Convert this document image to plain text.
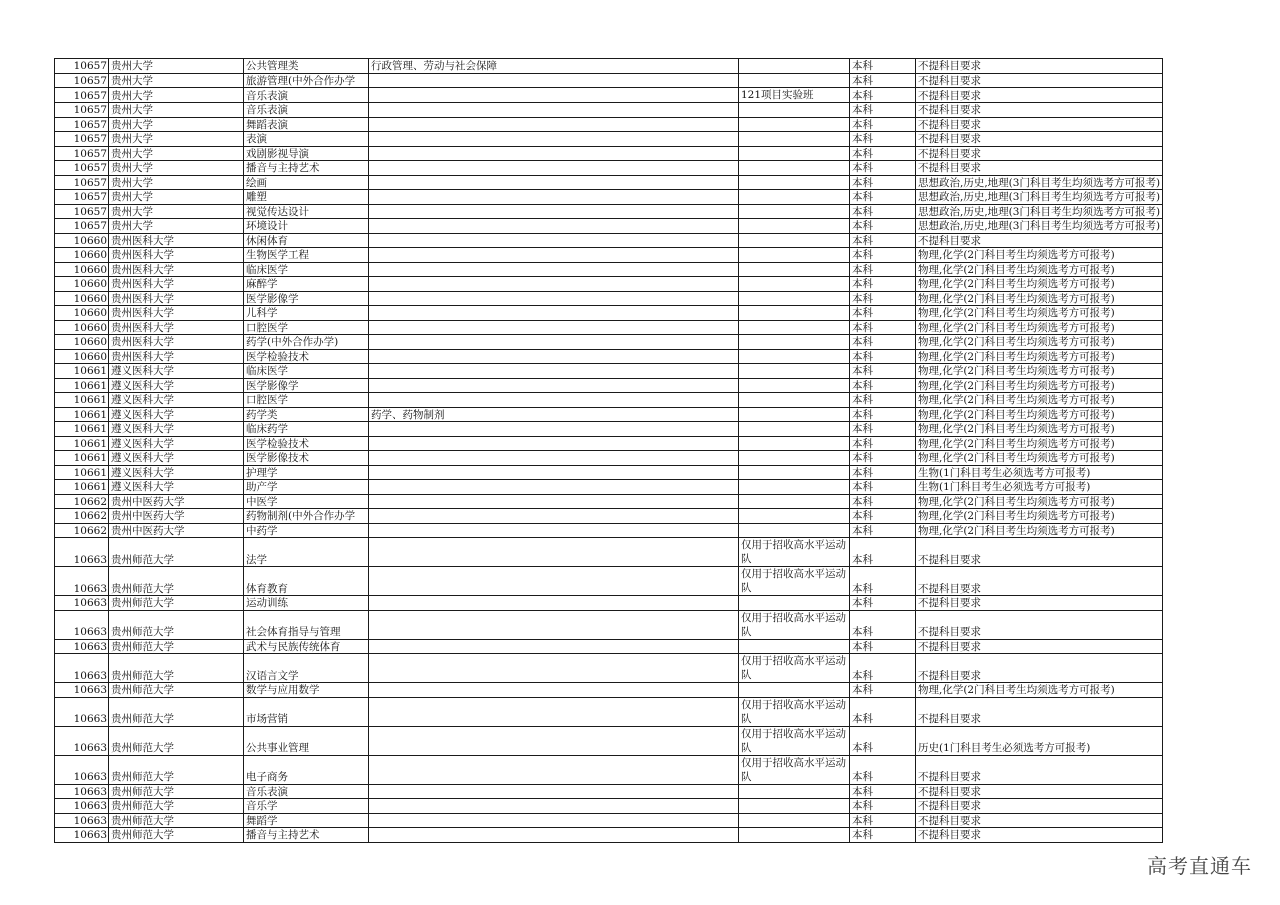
10657	贵州大学	公共管理类	行政管理、劳动与社会保障		本科	不提科目要求
10657	贵州大学	旅游管理(中外合作办学			本科	不提科目要求
10657	贵州大学	音乐表演		121项目实验班	本科	不提科目要求
10657	贵州大学	音乐表演			本科	不提科目要求
10657	贵州大学	舞蹈表演			本科	不提科目要求
10657	贵州大学	表演			本科	不提科目要求
10657	贵州大学	戏剧影视导演			本科	不提科目要求
10657	贵州大学	播音与主持艺术			本科	不提科目要求
10657	贵州大学	绘画			本科	思想政治,历史,地理(3门科目考生均须选考方可报考)
10657	贵州大学	雕塑			本科	思想政治,历史,地理(3门科目考生均须选考方可报考)
10657	贵州大学	视觉传达设计			本科	思想政治,历史,地理(3门科目考生均须选考方可报考)
10657	贵州大学	环境设计			本科	思想政治,历史,地理(3门科目考生均须选考方可报考)
10660	贵州医科大学	休闲体育			本科	不提科目要求
10660	贵州医科大学	生物医学工程			本科	物理,化学(2门科目考生均须选考方可报考)
10660	贵州医科大学	临床医学			本科	物理,化学(2门科目考生均须选考方可报考)
10660	贵州医科大学	麻醉学			本科	物理,化学(2门科目考生均须选考方可报考)
10660	贵州医科大学	医学影像学			本科	物理,化学(2门科目考生均须选考方可报考)
10660	贵州医科大学	儿科学			本科	物理,化学(2门科目考生均须选考方可报考)
10660	贵州医科大学	口腔医学			本科	物理,化学(2门科目考生均须选考方可报考)
10660	贵州医科大学	药学(中外合作办学)			本科	物理,化学(2门科目考生均须选考方可报考)
10660	贵州医科大学	医学检验技术			本科	物理,化学(2门科目考生均须选考方可报考)
10661	遵义医科大学	临床医学			本科	物理,化学(2门科目考生均须选考方可报考)
10661	遵义医科大学	医学影像学			本科	物理,化学(2门科目考生均须选考方可报考)
10661	遵义医科大学	口腔医学			本科	物理,化学(2门科目考生均须选考方可报考)
10661	遵义医科大学	药学类	药学、药物制剂		本科	物理,化学(2门科目考生均须选考方可报考)
10661	遵义医科大学	临床药学			本科	物理,化学(2门科目考生均须选考方可报考)
10661	遵义医科大学	医学检验技术			本科	物理,化学(2门科目考生均须选考方可报考)
10661	遵义医科大学	医学影像技术			本科	物理,化学(2门科目考生均须选考方可报考)
10661	遵义医科大学	护理学			本科	生物(1门科目考生必须选考方可报考)
10661	遵义医科大学	助产学			本科	生物(1门科目考生必须选考方可报考)
10662	贵州中医药大学	中医学			本科	物理,化学(2门科目考生均须选考方可报考)
10662	贵州中医药大学	药物制剂(中外合作办学			本科	物理,化学(2门科目考生均须选考方可报考)
10662	贵州中医药大学	中药学			本科	物理,化学(2门科目考生均须选考方可报考)
10663	贵州师范大学	法学		仅用于招收高水平运动队	本科	不提科目要求
10663	贵州师范大学	体育教育		仅用于招收高水平运动队	本科	不提科目要求
10663	贵州师范大学	运动训练			本科	不提科目要求
10663	贵州师范大学	社会体育指导与管理		仅用于招收高水平运动队	本科	不提科目要求
10663	贵州师范大学	武术与民族传统体育			本科	不提科目要求
10663	贵州师范大学	汉语言文学		仅用于招收高水平运动队	本科	不提科目要求
10663	贵州师范大学	数学与应用数学			本科	物理,化学(2门科目考生均须选考方可报考)
10663	贵州师范大学	市场营销		仅用于招收高水平运动队	本科	不提科目要求
10663	贵州师范大学	公共事业管理		仅用于招收高水平运动队	本科	历史(1门科目考生必须选考方可报考)
10663	贵州师范大学	电子商务		仅用于招收高水平运动队	本科	不提科目要求
10663	贵州师范大学	音乐表演			本科	不提科目要求
10663	贵州师范大学	音乐学			本科	不提科目要求
10663	贵州师范大学	舞蹈学			本科	不提科目要求
10663	贵州师范大学	播音与主持艺术			本科	不提科目要求
高考直通车
